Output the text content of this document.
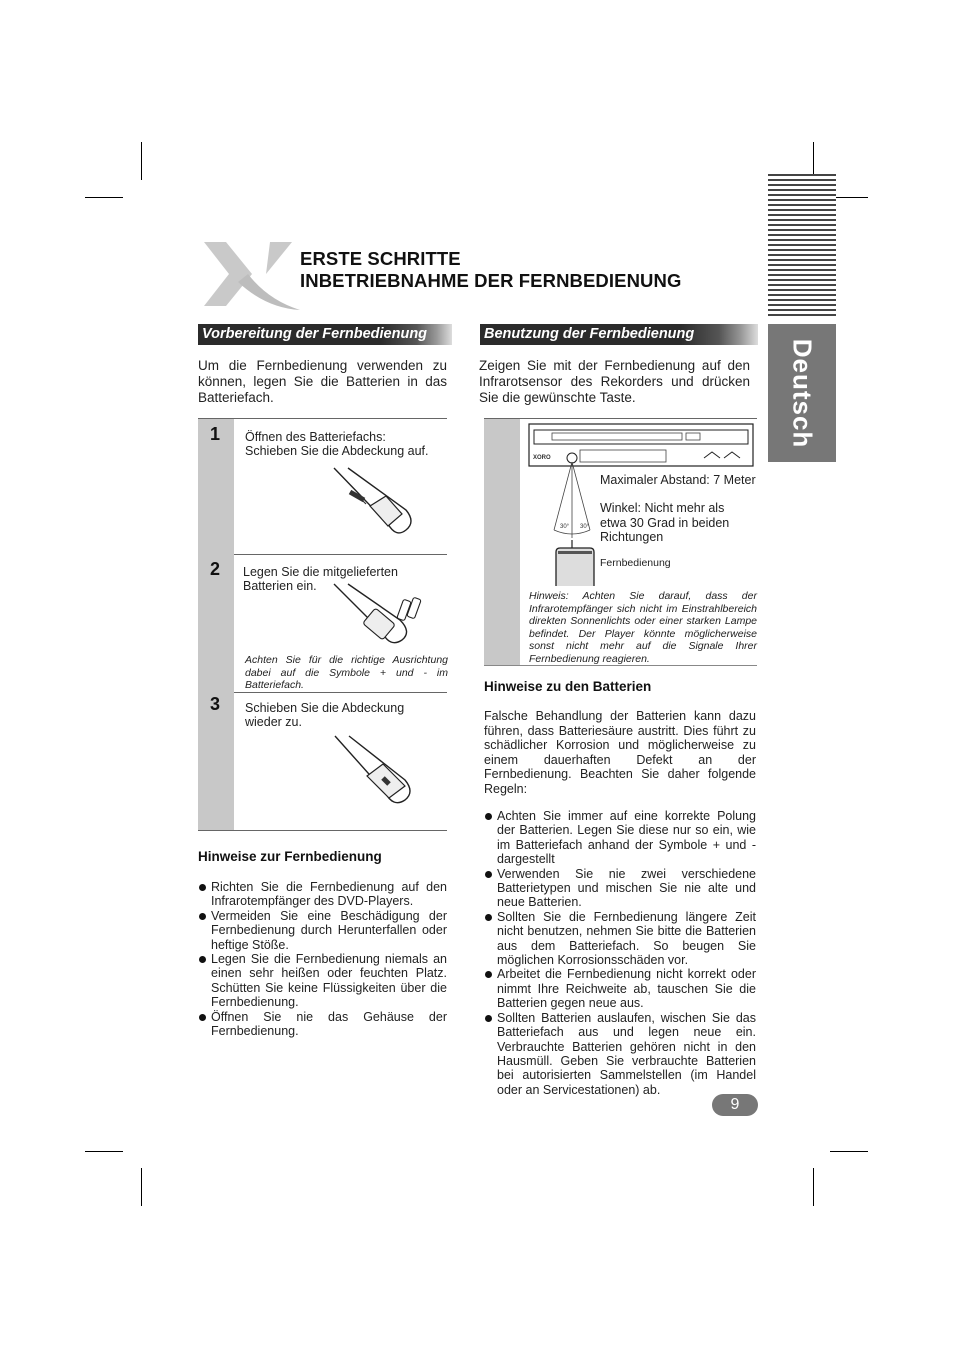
ERSTE SCHRITTE
INBETRIEBNAHME DER FERNBEDIENUNG
Deutsch
Vorbereitung der Fernbedienung
Um die Fernbedienung verwenden zu können, legen Sie die Batterien in das Batteriefach.
1 Öffnen des Batteriefachs:
Schieben Sie die Abdeckung auf.
2 Legen Sie die mitgelieferten
Batterien ein.
Achten Sie für die richtige Ausrichtung dabei auf die Symbole + und - im Batteriefach.
3 Schieben Sie die Abdeckung
wieder zu.
Hinweise zur Fernbedienung
Richten Sie die Fernbedienung auf den Infrarotempfänger des DVD-Players.
Vermeiden Sie eine Beschädigung der Fernbedienung durch Herunterfallen oder heftige Stöße.
Legen Sie die Fernbedienung niemals an einen sehr heißen oder feuchten Platz. Schütten Sie keine Flüssigkeiten über die Fernbedienung.
Öffnen Sie nie das Gehäuse der Fernbedienung.
Benutzung der Fernbedienung
Zeigen Sie mit der Fernbedienung auf den Infrarotsensor des Rekorders und drücken Sie die gewünschte Taste.
XORO
30° 30°
Maximaler Abstand: 7 Meter
Winkel: Nicht mehr als
etwa 30 Grad in beiden
Richtungen
Fernbedienung
Hinweis: Achten Sie darauf, dass der Infrarotempfänger sich nicht im Einstrahlbereich direkten Sonnenlichts oder einer starken Lampe befindet. Der Player könnte möglicherweise sonst nicht mehr auf die Signale Ihrer Fernbedienung reagieren.
Hinweise zu den Batterien
Falsche Behandlung der Batterien kann dazu führen, dass Batteriesäure austritt. Dies führt zu schädlicher Korrosion und möglicherweise zu einem dauerhaften Defekt an der Fernbedienung. Beachten Sie daher folgende Regeln:
Achten Sie immer auf eine korrekte Polung der Batterien. Legen Sie diese nur so ein, wie im Batteriefach anhand der Symbole + und - dargestellt
Verwenden Sie nie zwei verschiedene Batterietypen und mischen Sie nie alte und neue Batterien.
Sollten Sie die Fernbedienung längere Zeit nicht benutzen, nehmen Sie bitte die Batterien aus dem Batteriefach. So beugen Sie möglichen Korrosionsschäden vor.
Arbeitet die Fernbedienung nicht korrekt oder nimmt Ihre Reichweite ab, tauschen Sie die Batterien gegen neue aus.
Sollten Batterien auslaufen, wischen Sie das Batteriefach aus und legen neue ein. Verbrauchte Batterien gehören nicht in den Hausmüll. Geben Sie verbrauchte Batterien bei autorisierten Sammelstellen (im Handel oder an Servicestationen) ab.
9
